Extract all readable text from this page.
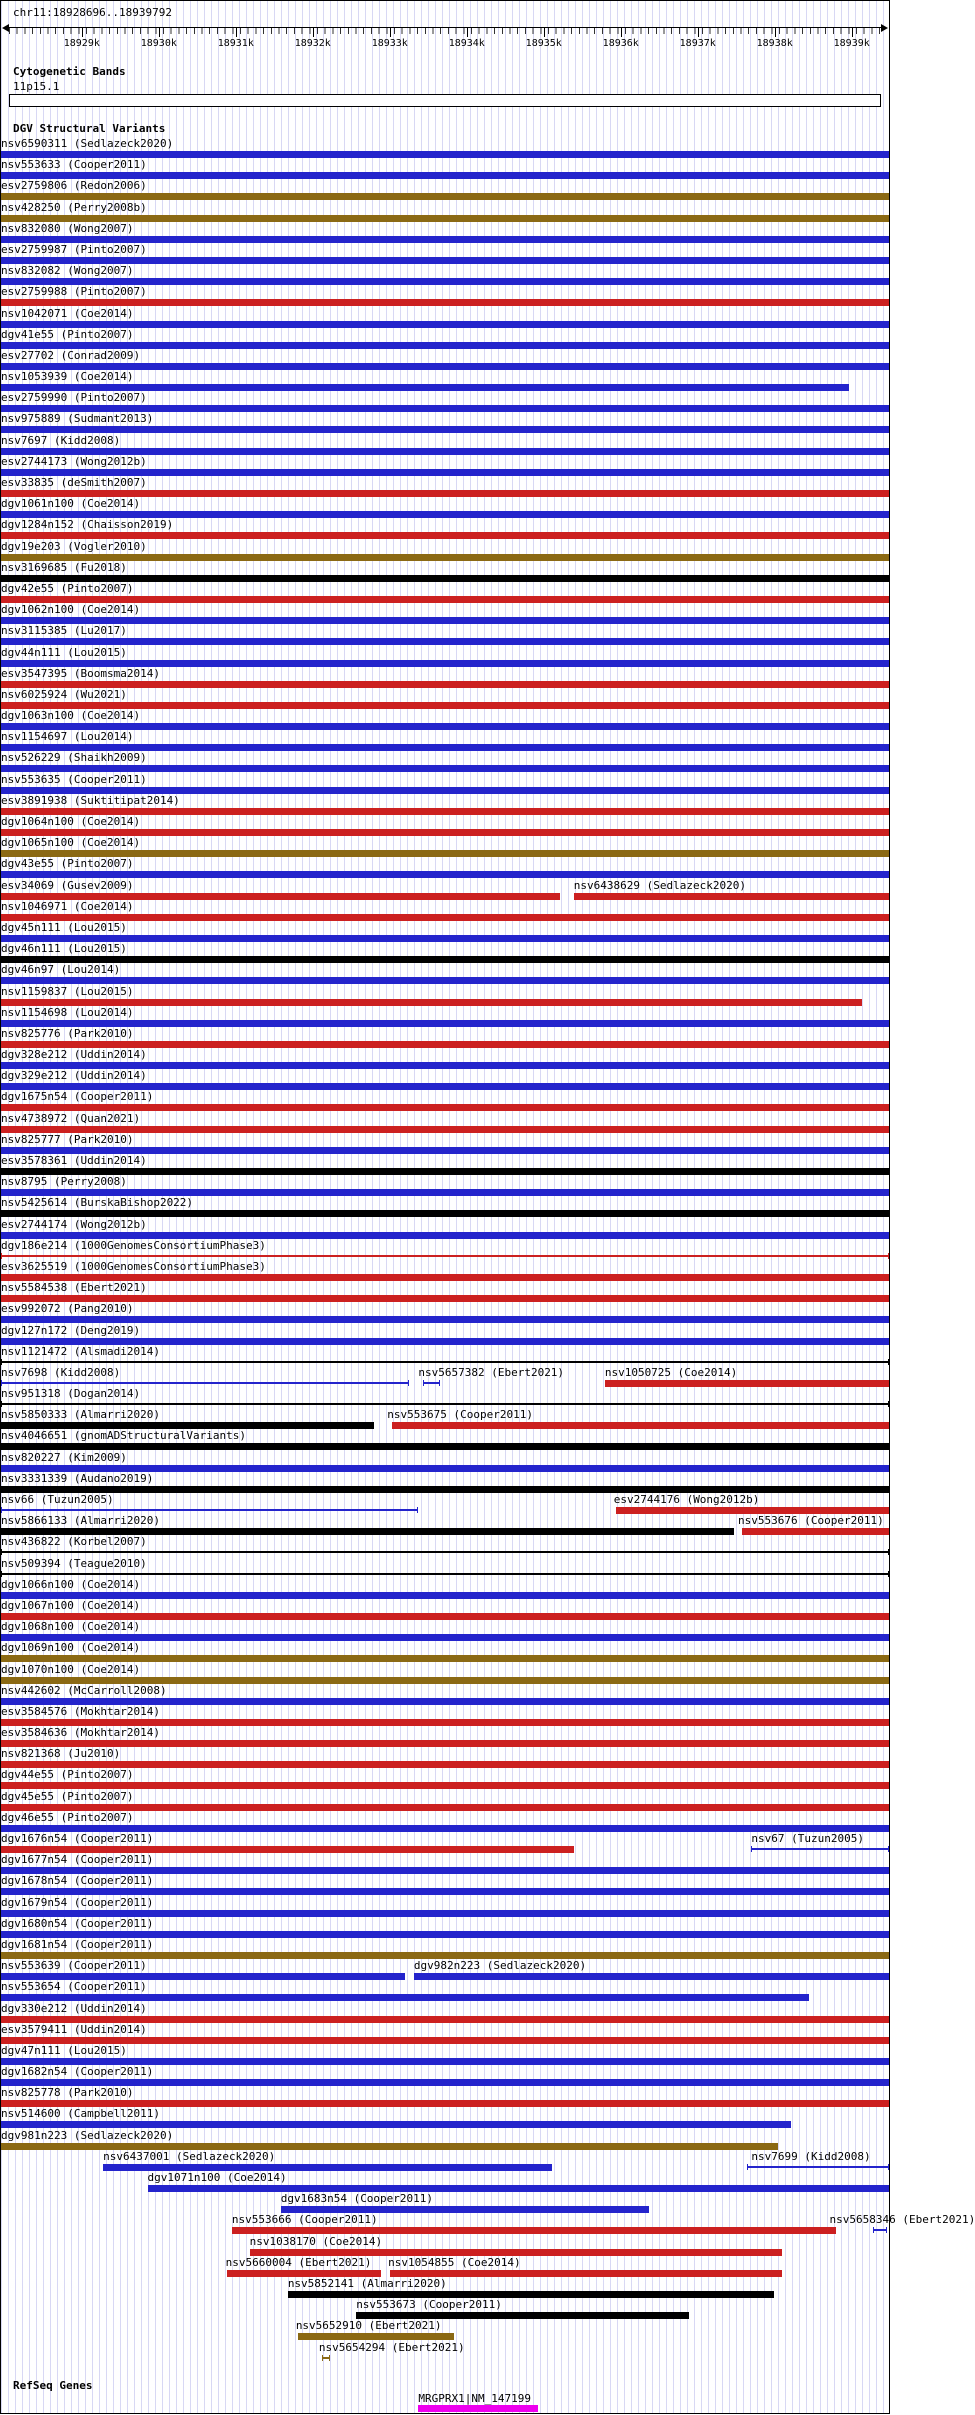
chr11:18928696..18939792
18929k	18930k	18931k	18932k	18933k	18934k	18935k	18936k	18937k	18938k	18939k
Cytogenetic Bands
11p15.1
DGV Structural Variants
nsv6590311 (Sedlazeck2020)
nsv553633 (Cooper2011)
esv2759806 (Redon2006)
nsv428250 (Perry2008b)
nsv832080 (Wong2007)
esv2759987 (Pinto2007)
nsv832082 (Wong2007)
esv2759988 (Pinto2007)
nsv1042071 (Coe2014)
dgv41e55 (Pinto2007)
esv27702 (Conrad2009)
nsv1053939 (Coe2014)
esv2759990 (Pinto2007)
nsv975889 (Sudmant2013)
nsv7697 (Kidd2008)
esv2744173 (Wong2012b)
esv33835 (deSmith2007)
dgv1061n100 (Coe2014)
dgv1284n152 (Chaisson2019)
dgv19e203 (Vogler2010)
nsv3169685 (Fu2018)
dgv42e55 (Pinto2007)
dgv1062n100 (Coe2014)
nsv3115385 (Lu2017)
dgv44n111 (Lou2015)
esv3547395 (Boomsma2014)
nsv6025924 (Wu2021)
dgv1063n100 (Coe2014)
nsv1154697 (Lou2014)
nsv526229 (Shaikh2009)
nsv553635 (Cooper2011)
esv3891938 (Suktitipat2014)
dgv1064n100 (Coe2014)
dgv1065n100 (Coe2014)
dgv43e55 (Pinto2007)
esv34069 (Gusev2009)	nsv6438629 (Sedlazeck2020)
nsv1046971 (Coe2014)
dgv45n111 (Lou2015)
dgv46n111 (Lou2015)
dgv46n97 (Lou2014)
nsv1159837 (Lou2015)
nsv1154698 (Lou2014)
nsv825776 (Park2010)
dgv328e212 (Uddin2014)
dgv329e212 (Uddin2014)
dgv1675n54 (Cooper2011)
nsv4738972 (Quan2021)
nsv825777 (Park2010)
esv3578361 (Uddin2014)
nsv8795 (Perry2008)
nsv5425614 (BurskaBishop2022)
esv2744174 (Wong2012b)
dgv186e214 (1000GenomesConsortiumPhase3)
esv3625519 (1000GenomesConsortiumPhase3)
nsv5584538 (Ebert2021)
esv992072 (Pang2010)
dgv127n172 (Deng2019)
nsv1121472 (Alsmadi2014)
nsv7698 (Kidd2008)	nsv5657382 (Ebert2021)	nsv1050725 (Coe2014)
nsv951318 (Dogan2014)
nsv5850333 (Almarri2020)	nsv553675 (Cooper2011)
nsv4046651 (gnomADStructuralVariants)
nsv820227 (Kim2009)
nsv3331339 (Audano2019)
nsv66 (Tuzun2005)	esv2744176 (Wong2012b)
nsv5866133 (Almarri2020)	nsv553676 (Cooper2011)
nsv436822 (Korbel2007)
nsv509394 (Teague2010)
dgv1066n100 (Coe2014)
dgv1067n100 (Coe2014)
dgv1068n100 (Coe2014)
dgv1069n100 (Coe2014)
dgv1070n100 (Coe2014)
nsv442602 (McCarroll2008)
esv3584576 (Mokhtar2014)
esv3584636 (Mokhtar2014)
nsv821368 (Ju2010)
dgv44e55 (Pinto2007)
dgv45e55 (Pinto2007)
dgv46e55 (Pinto2007)
dgv1676n54 (Cooper2011)	nsv67 (Tuzun2005)
dgv1677n54 (Cooper2011)
dgv1678n54 (Cooper2011)
dgv1679n54 (Cooper2011)
dgv1680n54 (Cooper2011)
dgv1681n54 (Cooper2011)
nsv553639 (Cooper2011)	dgv982n223 (Sedlazeck2020)
nsv553654 (Cooper2011)
dgv330e212 (Uddin2014)
esv3579411 (Uddin2014)
dgv47n111 (Lou2015)
dgv1682n54 (Cooper2011)
nsv825778 (Park2010)
nsv514600 (Campbell2011)
dgv981n223 (Sedlazeck2020)
nsv6437001 (Sedlazeck2020)	nsv7699 (Kidd2008)
dgv1071n100 (Coe2014)
dgv1683n54 (Cooper2011)
nsv553666 (Cooper2011)	nsv5658346 (Ebert2021)
nsv1038170 (Coe2014)
nsv5660004 (Ebert2021) nsv1054855 (Coe2014)
nsv5852141 (Almarri2020)
nsv553673 (Cooper2011)
nsv5652910 (Ebert2021)
nsv5654294 (Ebert2021)
RefSeq Genes
MRGPRX1|NM_147199
